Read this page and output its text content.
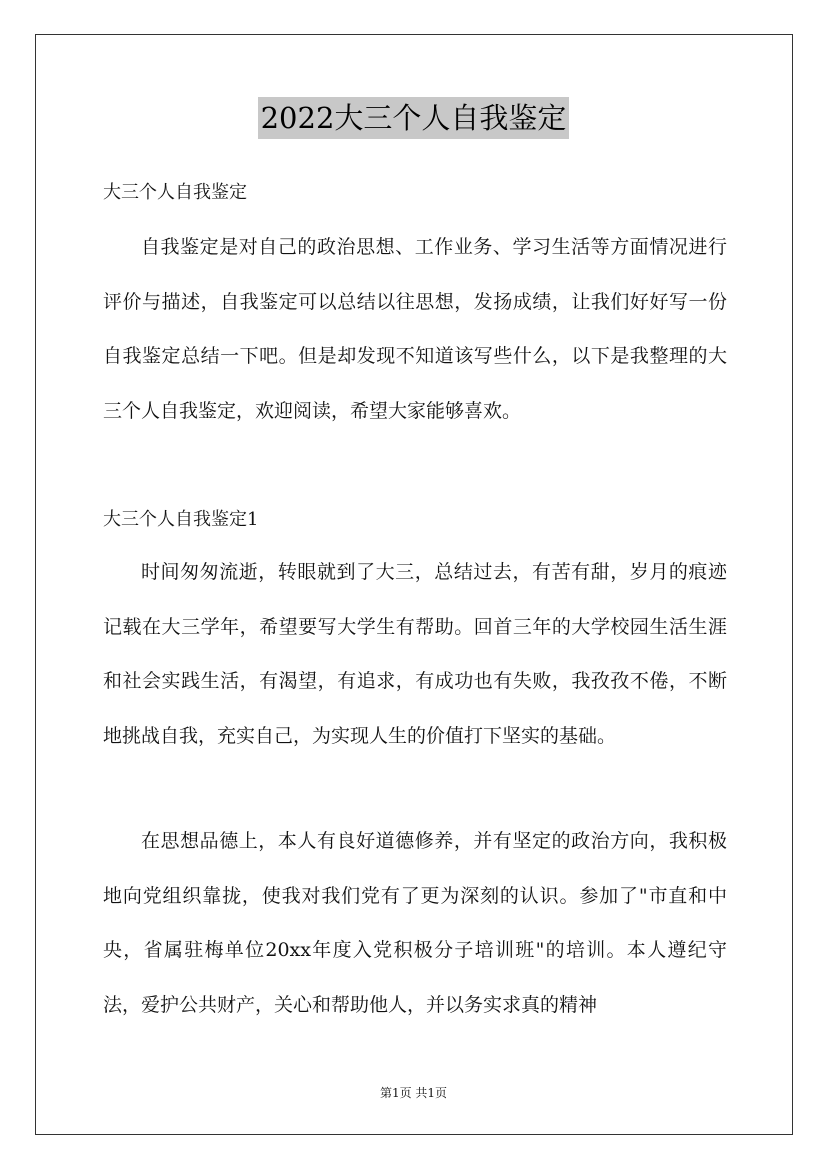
2022大三个人自我鉴定
大三个人自我鉴定

自我鉴定是对自己的政治思想、工作业务、学习生活等方面情况进行评价与描述，自我鉴定可以总结以往思想，发扬成绩，让我们好好写一份自我鉴定总结一下吧。但是却发现不知道该写些什么，以下是我整理的大三个人自我鉴定，欢迎阅读，希望大家能够喜欢。

大三个人自我鉴定1

时间匆匆流逝，转眼就到了大三，总结过去，有苦有甜，岁月的痕迹记载在大三学年，希望要写大学生有帮助。回首三年的大学校园生活生涯和社会实践生活，有渴望，有追求，有成功也有失败，我孜孜不倦，不断地挑战自我，充实自己，为实现人生的价值打下坚实的基础。

在思想品德上，本人有良好道德修养，并有坚定的政治方向，我积极地向党组织靠拢，使我对我们党有了更为深刻的认识。参加了"市直和中央，省属驻梅单位20xx年度入党积极分子培训班"的培训。本人遵纪守法，爱护公共财产，关心和帮助他人，并以务实求真的精神

第1页 共1页
